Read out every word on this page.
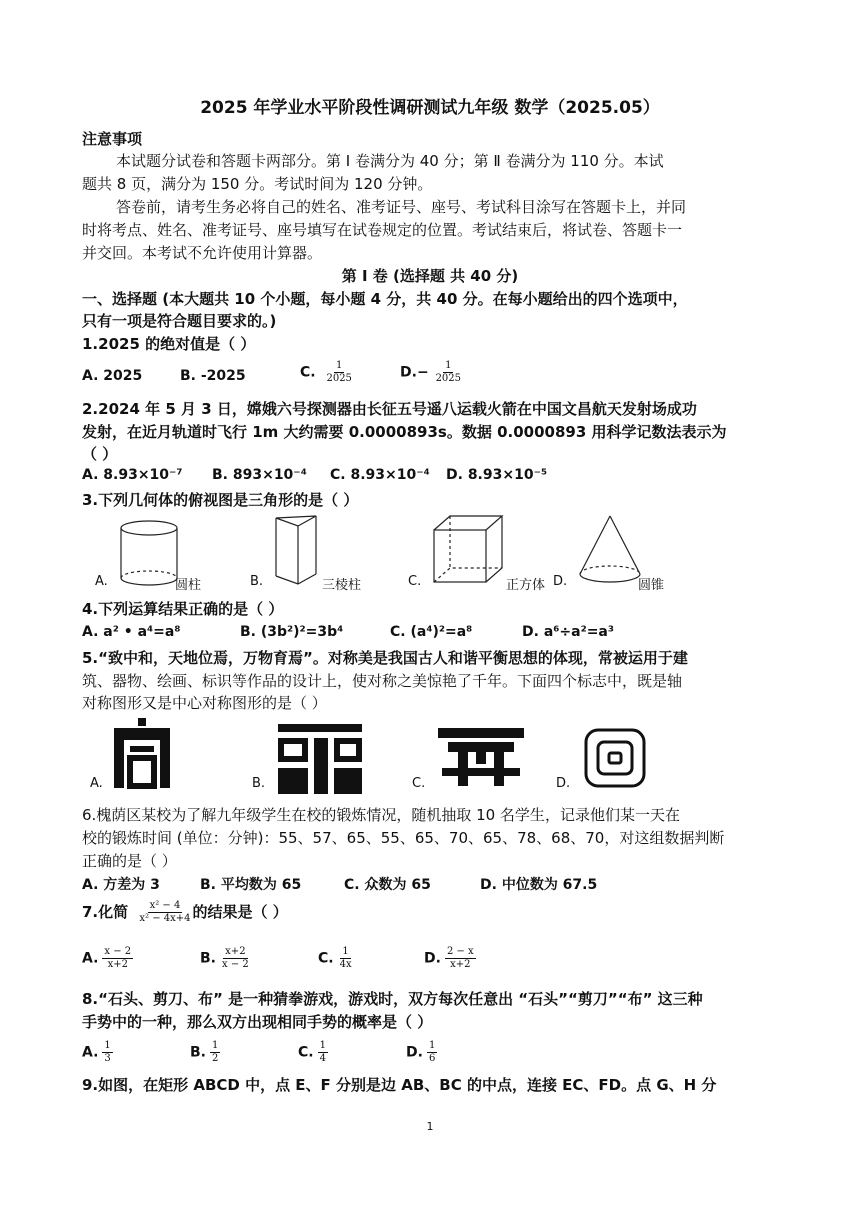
2025 年学业水平阶段性调研测试九年级 数学（2025.05）
注意事项
本试题分试卷和答题卡两部分。第 Ⅰ 卷满分为 40 分；第 Ⅱ 卷满分为 110 分。本试
题共 8 页，满分为 150 分。考试时间为 120 分钟。
答卷前，请考生务必将自己的姓名、准考证号、座号、考试科目涂写在答题卡上，并同
时将考点、姓名、准考证号、座号填写在试卷规定的位置。考试结束后，将试卷、答题卡一
并交回。本考试不允许使用计算器。
第 Ⅰ 卷 (选择题 共 40 分)
一、选择题 (本大题共 10 个小题，每小题 4 分，共 40 分。在每小题给出的四个选项中，
只有一项是符合题目要求的。)
1.2025 的绝对值是（ ）
A. 2025	B. -2025	C. $\frac{1}{2025}$	$D.- \frac{1}{2025}$
2.2024 年 5 月 3 日，嫦娥六号探测器由长征五号遥八运载火箭在中国文昌航天发射场成功
发射，在近月轨道时飞行 1m 大约需要 0.0000893s。数据 0.0000893 用科学记数法表示为
（ ）
A. 8.93×10⁻⁷ B. 893×10⁻⁴ C. 8.93×10⁻⁴ D. 8.93×10⁻⁵
3.下列几何体的俯视图是三角形的是（ ）
A.	圆柱	B.	三棱柱	C.	正方体 D.	圆锥
4.下列运算结果正确的是（ ）
A. a² • a⁴=a⁸	B. (3b²)²=3b⁴	C. (a⁴)²=a⁸	D. a⁶÷a²=a³
5.“致中和，天地位焉，万物育焉”。对称美是我国古人和谐平衡思想的体现，常被运用于建
筑、器物、绘画、标识等作品的设计上，使对称之美惊艳了千年。下面四个标志中，既是轴
对称图形又是中心对称图形的是（ ）
A.	B.	C.	D.
6.槐荫区某校为了解九年级学生在校的锻炼情况，随机抽取 10 名学生，记录他们某一天在
校的锻炼时间 (单位：分钟)：55、57、65、55、65、70、65、78、68、70，对这组数据判断
正确的是（ ）
A. 方差为 3	B. 平均数为 65	C. 众数为 65	D. 中位数为 67.5
7.化简 $\frac{\text{x² − 4}}{\text{x² − 4x+4}}$ 的结果是（ ）
A. $\frac{x - 2}{x+2}$	B. $\frac{x+2}{x - 2}$	C. $\frac{1}{4x}$	D. $\frac{2 - x}{x+2}$
8.“石头、剪刀、布” 是一种猜拳游戏，游戏时，双方每次任意出 “石头”“剪刀”“布” 这三种
手势中的一种，那么双方出现相同手势的概率是（ ）
A. $\frac{1}{3}$	B. $\frac{1}{2}$	C. $\frac{1}{4}$	D. $\frac{1}{6}$
9.如图，在矩形 ABCD 中，点 E、F 分别是边 AB、BC 的中点，连接 EC、FD。点 G、H 分
1
